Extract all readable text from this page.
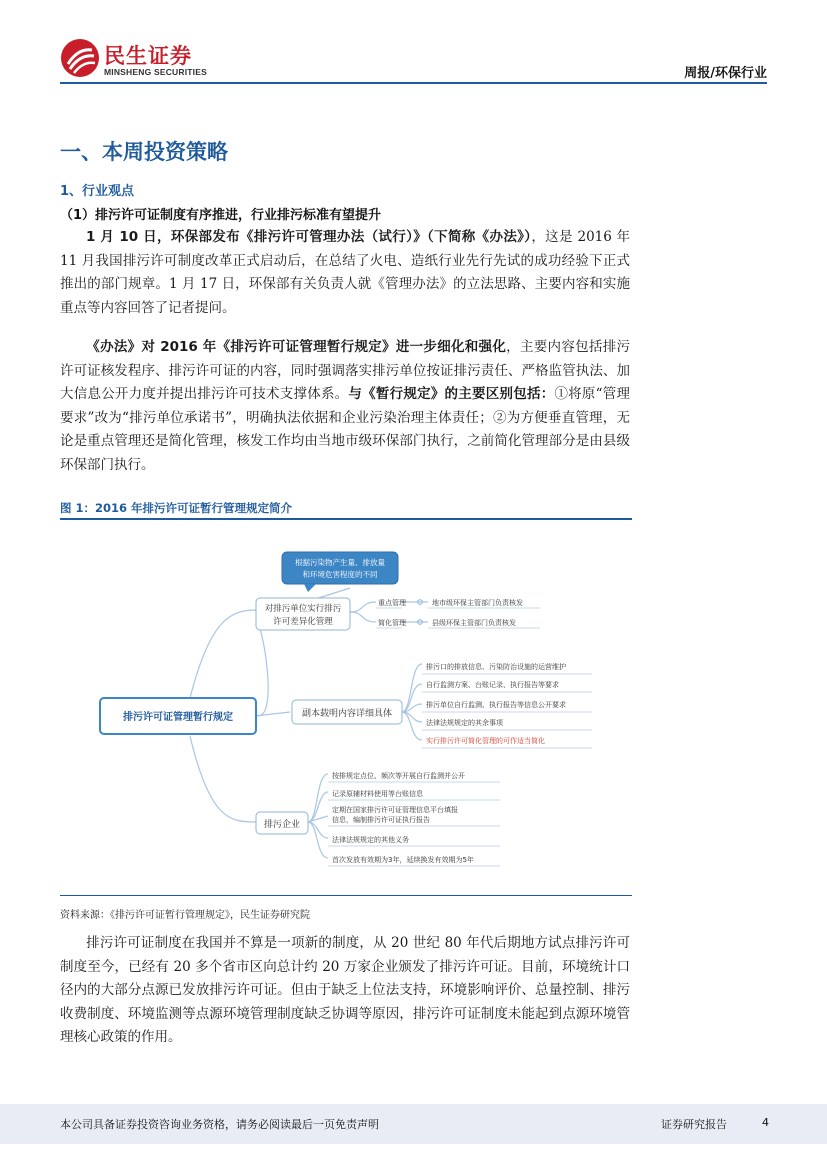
民生证券
MINSHENG SECURITIES	周报/环保行业
一、本周投资策略
1、行业观点
（1）排污许可证制度有序推进，行业排污标准有望提升
1 月 10 日，环保部发布《排污许可管理办法（试行）》（下简称《办法》），这是 2016 年 11 月我国排污许可制度改革正式启动后，在总结了火电、造纸行业先行先试的成功经验下正式推出的部门规章。1 月 17 日，环保部有关负责人就《管理办法》的立法思路、主要内容和实施重点等内容回答了记者提问。
《办法》对 2016 年《排污许可证管理暂行规定》进一步细化和强化，主要内容包括排污许可证核发程序、排污许可证的内容，同时强调落实排污单位按证排污责任、严格监管执法、加大信息公开力度并提出排污许可技术支撑体系。与《暂行规定》的主要区别包括：①将原“管理要求”改为“排污单位承诺书”，明确执法依据和企业污染治理主体责任；②为方便垂直管理，无论是重点管理还是简化管理，核发工作均由当地市级环保部门执行，之前简化管理部分是由县级环保部门执行。
图 1：2016 年排污许可证暂行管理规定简介
根据污染物产生量、排放量
和环境危害程度的不同
对排污单位实行排污
许可差异化管理
重点管理
简化管理
地市级环保主管部门负责核发
县级环保主管部门负责核发
排污许可证管理暂行规定	副本载明内容详细具体
排污口的排放信息、污染防治设施的运营维护
自行监测方案、台账记录、执行报告等要求
排污单位自行监测、执行报告等信息公开要求
法律法规规定的其余事项
实行排污许可简化管理的可作适当简化
排污企业
按排规定点位、频次等开展自行监测并公开
记录原辅材料使用等台账信息
定期在国家排污许可证管理信息平台填报
信息，编制排污许可证执行报告
法律法规规定的其他义务
首次发放有效期为3年，延续换发有效期为5年
资料来源：《排污许可证暂行管理规定》，民生证券研究院
排污许可证制度在我国并不算是一项新的制度，从 20 世纪 80 年代后期地方试点排污许可制度至今，已经有 20 多个省市区向总计约 20 万家企业颁发了排污许可证。目前，环境统计口径内的大部分点源已发放排污许可证。但由于缺乏上位法支持，环境影响评价、总量控制、排污收费制度、环境监测等点源环境管理制度缺乏协调等原因，排污许可证制度未能起到点源环境管理核心政策的作用。
本公司具备证券投资咨询业务资格，请务必阅读最后一页免责声明	证券研究报告	4
